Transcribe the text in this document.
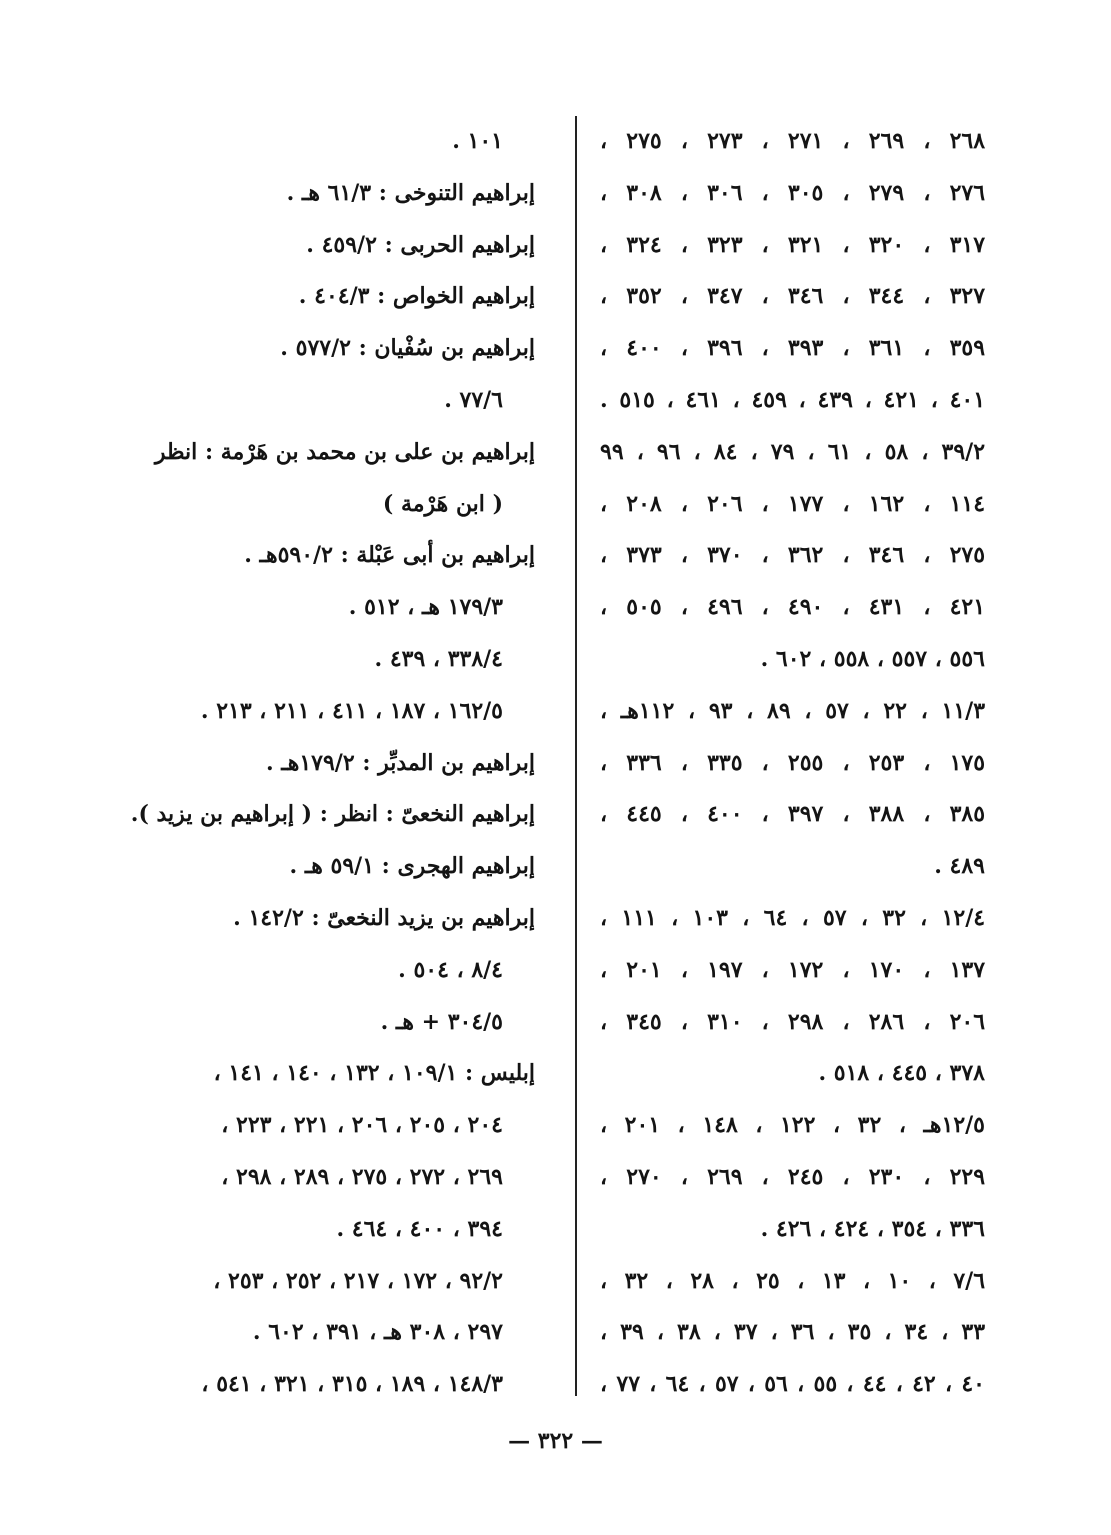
٢٦٨ ، ٢٦٩ ، ٢٧١ ، ٢٧٣ ، ٢٧٥ ،
٢٧٦ ، ٢٧٩ ، ٣٠٥ ، ٣٠٦ ، ٣٠٨ ،
٣١٧ ، ٣٢٠ ، ٣٢١ ، ٣٢٣ ، ٣٢٤ ،
٣٢٧ ، ٣٤٤ ، ٣٤٦ ، ٣٤٧ ، ٣٥٢ ،
٣٥٩ ، ٣٦١ ، ٣٩٣ ، ٣٩٦ ، ٤٠٠ ،
٤٠١ ، ٤٢١ ، ٤٣٩ ، ٤٥٩ ، ٤٦١ ، ٥١٥ .
٣٩/٢ ، ٥٨ ، ٦١ ، ٧٩ ، ٨٤ ، ٩٦ ، ٩٩
١١٤ ، ١٦٢ ، ١٧٧ ، ٢٠٦ ، ٢٠٨ ،
٢٧٥ ، ٣٤٦ ، ٣٦٢ ، ٣٧٠ ، ٣٧٣ ،
٤٢١ ، ٤٣١ ، ٤٩٠ ، ٤٩٦ ، ٥٠٥ ،
٥٥٦ ، ٥٥٧ ، ٥٥٨ ، ٦٠٢ .
١١/٣ ، ٢٢ ، ٥٧ ، ٨٩ ، ٩٣ ، ١١٢هـ ،
١٧٥ ، ٢٥٣ ، ٢٥٥ ، ٣٣٥ ، ٣٣٦ ،
٣٨٥ ، ٣٨٨ ، ٣٩٧ ، ٤٠٠ ، ٤٤٥ ،
٤٨٩ .
١٢/٤ ، ٣٢ ، ٥٧ ، ٦٤ ، ١٠٣ ، ١١١ ،
١٣٧ ، ١٧٠ ، ١٧٢ ، ١٩٧ ، ٢٠١ ،
٢٠٦ ، ٢٨٦ ، ٢٩٨ ، ٣١٠ ، ٣٤٥ ،
٣٧٨ ، ٤٤٥ ، ٥١٨ .
١٢/٥هـ ، ٣٢ ، ١٢٢ ، ١٤٨ ، ٢٠١ ،
٢٢٩ ، ٢٣٠ ، ٢٤٥ ، ٢٦٩ ، ٢٧٠ ،
٣٣٦ ، ٣٥٤ ، ٤٢٤ ، ٤٢٦ .
٧/٦ ، ١٠ ، ١٣ ، ٢٥ ، ٢٨ ، ٣٢ ،
٣٣ ، ٣٤ ، ٣٥ ، ٣٦ ، ٣٧ ، ٣٨ ، ٣٩ ،
٤٠ ، ٤٢ ، ٤٤ ، ٥٥ ، ٥٦ ، ٥٧ ، ٦٤ ، ٧٧ ،
١٠١ .
إبراهيم التنوخى : ٦١/٣ هـ .
إبراهيم الحربى : ٤٥٩/٢ .
إبراهيم الخواص : ٤٠٤/٣ .
إبراهيم بن سُفْيان : ٥٧٧/٢ .
٧٧/٦ .
إبراهيم بن على بن محمد بن هَرْمة : انظر
( ابن هَرْمة )
إبراهيم بن أبى عَبْلة : ٥٩٠/٢هـ .
١٧٩/٣ هـ ، ٥١٢ .
٣٣٨/٤ ، ٤٣٩ .
١٦٢/٥ ، ١٨٧ ، ٤١١ ، ٢١١ ، ٢١٣ .
إبراهيم بن المدبِّر : ١٧٩/٢هـ .
إبراهيم النخعىّ : انظر : ( إبراهيم بن يزيد ).
إبراهيم الهجرى : ٥٩/١ هـ .
إبراهيم بن يزيد النخعىّ : ١٤٢/٢ .
٨/٤ ، ٥٠٤ .
٣٠٤/٥ + هـ .
إبليس : ١٠٩/١ ، ١٣٢ ، ١٤٠ ، ١٤١ ،
٢٠٤ ، ٢٠٥ ، ٢٠٦ ، ٢٢١ ، ٢٢٣ ،
٢٦٩ ، ٢٧٢ ، ٢٧٥ ، ٢٨٩ ، ٢٩٨ ،
٣٩٤ ، ٤٠٠ ، ٤٦٤ .
٩٢/٢ ، ١٧٢ ، ٢١٧ ، ٢٥٢ ، ٢٥٣ ،
٢٩٧ ، ٣٠٨ هـ ، ٣٩١ ، ٦٠٢ .
١٤٨/٣ ، ١٨٩ ، ٣١٥ ، ٣٢١ ، ٥٤١ ،
— ٣٢٢ —
